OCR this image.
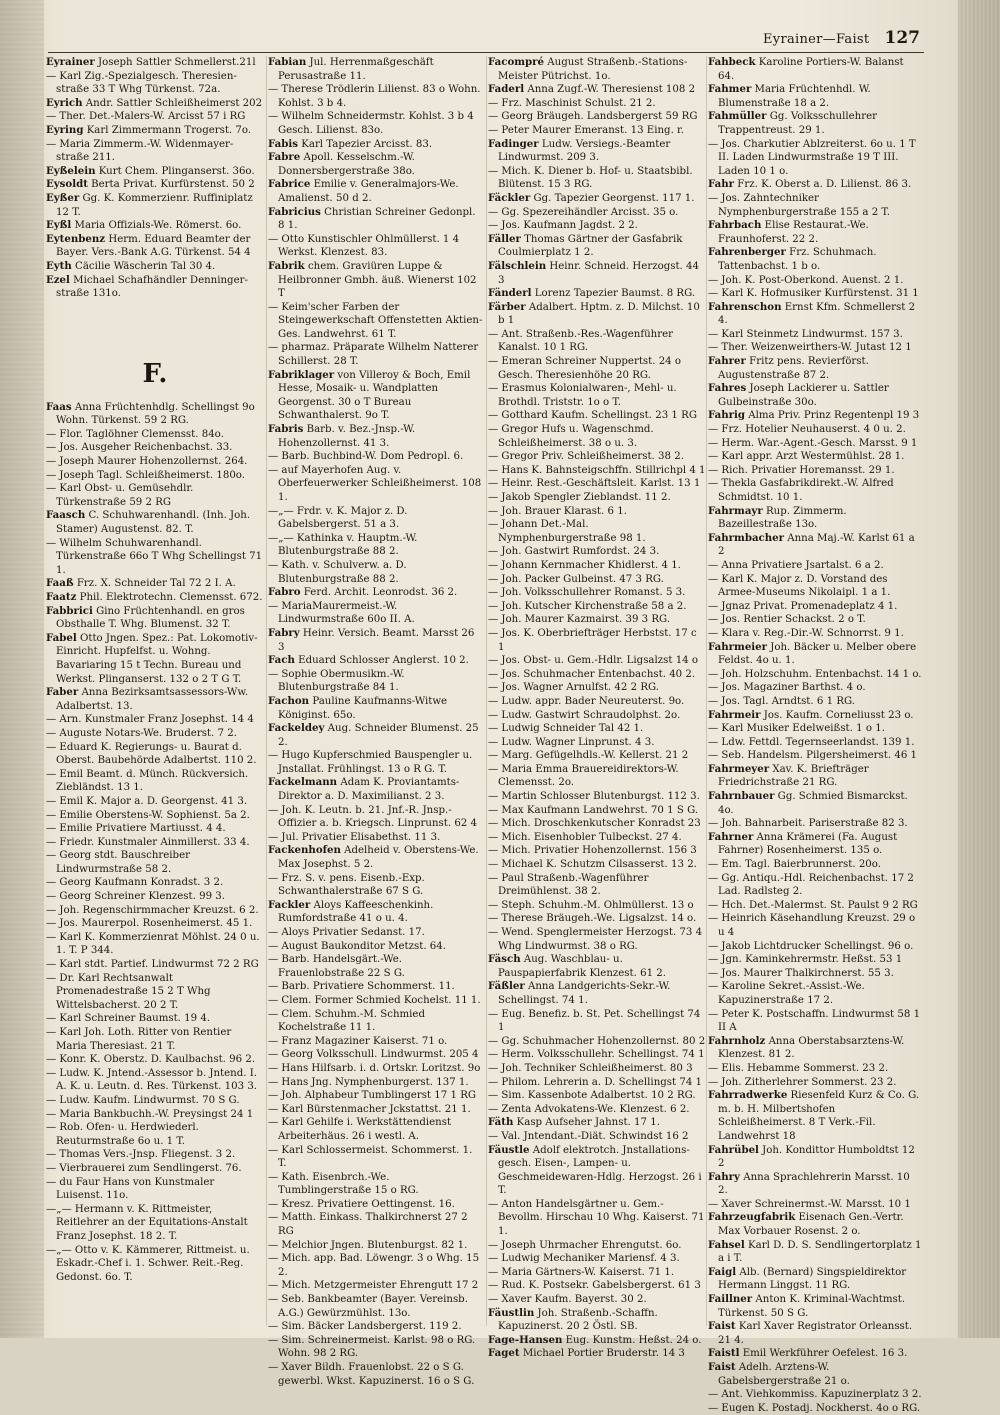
Eyrainer—Faist 127
Eyrainer Joseph Sattler Schmellerst.21l
— Karl Zig.-Spezialgesch. Theresien-straße 33 T Whg Türkenst. 72a.
Eyrich Andr. Sattler Schleißheimerst 202
— Ther. Det.-Malers-W. Arcisst 57 i RG
Eyring Karl Zimmermann Trogerst. 7o.
— Maria Zimmerm.-W. Widenmayer-straße 211.
Eyßelein Kurt Chem. Plinganserst. 36o.
Eysoldt Berta Privat. Kurfürstenst. 50 2
Eyßer Gg. K. Kommerzienr. Ruffiniplatz 12 T.
Eyßl Maria Offizials-We. Römerst. 6o.
Eytenbenz Herm. Eduard Beamter der Bayer. Vers.-Bank A.G. Türkenst. 54 4
Eyth Cäcilie Wäscherin Tal 30 4.
Ezel Michael Schafhändler Denninger-straße 131o.
F.
Faas Anna Früchtenhdlg. Schellingst 9o Wohn. Türkenst. 59 2 RG.
— Flor. Taglöhner Clemensst. 84o.
— Jos. Ausgeher Reichenbachst. 33.
— Joseph Maurer Hohenzollernst. 264.
— Joseph Tagl. Schleißheimerst. 180o.
— Karl Obst- u. Gemüsehdlr. Türkenstraße 59 2 RG
Faasch C. Schuhwarenhandl. (Inh. Joh. Stamer) Augustenst. 82. T.
— Wilhelm Schuhwarenhandl. Türkenstraße 66o T Whg Schellingst 71 1.
Faaß Frz. X. Schneider Tal 72 2 I. A.
Faatz Phil. Elektrotechn. Clemensst. 672.
Fabbrici Gino Früchtenhandl. en gros Obsthalle T. Whg. Blumenst. 32 T.
Fabel Otto Jngen. Spez.: Pat. Lokomotiv-Einricht. Hupfelfst. u. Wohng. Bavariaring 15 t Techn. Bureau und Werkst. Plinganserst. 132 o 2 T G T.
Faber Anna Bezirksamtsassessors-Ww. Adalbertst. 13.
— Arn. Kunstmaler Franz Josephst. 14 4
— Auguste Notars-We. Bruderst. 7 2.
— Eduard K. Regierungs- u. Baurat d. Oberst. Baubehörde Adalbertst. 110 2.
— Emil Beamt. d. Münch. Rückversich. Ziebländst. 13 1.
— Emil K. Major a. D. Georgenst. 41 3.
— Emilie Oberstens-W. Sophienst. 5a 2.
— Emilie Privatiere Martiusst. 4 4.
— Friedr. Kunstmaler Ainmillerst. 33 4.
— Georg stdt. Bauschreiber Lindwurmstraße 58 2.
— Georg Kaufmann Konradst. 3 2.
— Georg Schreiner Klenzest. 99 3.
— Joh. Regenschirmmacher Kreuzst. 6 2.
— Jos. Maurerpol. Rosenheimerst. 45 1.
— Karl K. Kommerzienrat Möhlst. 24 0 u. 1. T. P 344.
— Karl stdt. Partief. Lindwurmst 72 2 RG
— Dr. Karl Rechtsanwalt Promenadestraße 15 2 T Whg Wittelsbacherst. 20 2 T.
— Karl Schreiner Baumst. 19 4.
— Karl Joh. Loth. Ritter von Rentier Maria Theresiast. 21 T.
— Konr. K. Oberstz. D. Kaulbachst. 96 2.
— Ludw. K. Jntend.-Assessor b. Jntend. I. A. K. u. Leutn. d. Res. Türkenst. 103 3.
— Ludw. Kaufm. Lindwurmst. 70 S G.
— Maria Bankbuchh.-W. Preysingst 24 1
— Rob. Ofen- u. Herdwiederl. Reuturmstraße 6o u. 1 T.
— Thomas Vers.-Jnsp. Fliegenst. 3 2.
— Vierbrauerei zum Sendlingerst. 76.
— du Faur Hans von Kunstmaler Luisenst. 11o.
—„— Hermann v. K. Rittmeister, Reitlehrer an der Equitations-Anstalt Franz Josephst. 18 2. T.
—„— Otto v. K. Kämmerer, Rittmeist. u. Eskadr.-Chef i. 1. Schwer. Reit.-Reg. Gedonst. 6o. T.
Fabian Jul. Herrenmaßgeschäft Perusastraße 11.
— Therese Trödlerin Lilienst. 83 o Wohn. Kohlst. 3 b 4.
— Wilhelm Schneidermstr. Kohlst. 3 b 4 Gesch. Lilienst. 83o.
Fabis Karl Tapezier Arcisst. 83.
Fabre Apoll. Kesselschm.-W. Donnersbergerstraße 38o.
Fabrice Emilie v. Generalmajors-We. Amalienst. 50 d 2.
Fabricius Christian Schreiner Gedonpl. 8 1.
— Otto Kunstischler Ohlmüllerst. 1 4 Werkst. Klenzest. 83.
Fabrik chem. Graviüren Luppe & Heilbronner Gmbh. äuß. Wienerst 102 T
— Keim'scher Farben der Steingewerkschaft Offenstetten Aktien-Ges. Landwehrst. 61 T.
— pharmaz. Präparate Wilhelm Natterer Schillerst. 28 T.
Fabriklager von Villeroy & Boch, Emil Hesse, Mosaik- u. Wandplatten Georgenst. 30 o T Bureau Schwanthalerst. 9o T.
Fabris Barb. v. Bez.-Jnsp.-W. Hohenzollernst. 41 3.
— Barb. Buchbind-W. Dom Pedropl. 6.
— auf Mayerhofen Aug. v. Oberfeuerwerker Schleißheimerst. 108 1.
—„— Frdr. v. K. Major z. D. Gabelsbergerst. 51 a 3.
—„— Kathinka v. Hauptm.-W. Blutenburgstraße 88 2.
— Kath. v. Schulverw. a. D. Blutenburgstraße 88 2.
Fabro Ferd. Archit. Leonrodst. 36 2.
— MariaMaurermeist.-W. Lindwurmstraße 60o II. A.
Fabry Heinr. Versich. Beamt. Marsst 26 3
Fach Eduard Schlosser Anglerst. 10 2.
— Sophie Obermusikm.-W. Blutenburgstraße 84 1.
Fachon Pauline Kaufmanns-Witwe Königinst. 65o.
Fackeldey Aug. Schneider Blumenst. 25 2.
— Hugo Kupferschmied Bauspengler u. Jnstallat. Frühlingst. 13 o R G. T.
Fackelmann Adam K. Proviantamts-Direktor a. D. Maximilianst. 2 3.
— Joh. K. Leutn. b. 21. Jnf.-R. Jnsp.-Offizier a. b. Kriegsch. Linprunst. 62 4
— Jul. Privatier Elisabethst. 11 3.
Fackenhofen Adelheid v. Oberstens-We. Max Josephst. 5 2.
— Frz. S. v. pens. Eisenb.-Exp. Schwanthalerstraße 67 S G.
Fackler Aloys Kaffeeschenkinh. Rumfordstraße 41 o u. 4.
— Aloys Privatier Sedanst. 17.
— August Baukonditor Metzst. 64.
— Barb. Handelsgärt.-We. Frauenlobstraße 22 S G.
— Barb. Privatiere Schommerst. 11.
— Clem. Former Schmied Kochelst. 11 1.
— Clem. Schuhm.-M. Schmied Kochelstraße 11 1.
— Franz Magaziner Kaiserst. 71 o.
— Georg Volksschull. Lindwurmst. 205 4
— Hans Hilfsarb. i. d. Ortskr. Loritzst. 9o
— Hans Jng. Nymphenburgerst. 137 1.
— Joh. Alphabeur Tumblingerst 17 1 RG
— Karl Bürstenmacher Jckstattst. 21 1.
— Karl Gehilfe i. Werkstättendienst Arbeiterhäus. 26 i westl. A.
— Karl Schlossermeist. Schommerst. 1. T.
— Kath. Eisenbrch.-We. Tumblingerstraße 15 o RG.
— Kresz. Privatiere Oettingenst. 16.
— Matth. Einkass. Thalkirchnerst 27 2 RG
— Melchior Jngen. Blutenburgst. 82 1.
— Mich. app. Bad. Löwengr. 3 o Whg. 15 2.
— Mich. Metzgermeister Ehrengutt 17 2
— Seb. Bankbeamter (Bayer. Vereinsb. A.G.) Gewürzmühlst. 13o.
— Sim. Bäcker Landsbergerst. 119 2.
— Sim. Schreinermeist. Karlst. 98 o RG. Wohn. 98 2 RG.
— Xaver Bildh. Frauenlobst. 22 o S G. gewerbl. Wkst. Kapuzinerst. 16 o S G.
Facompré August Straßenb.-Stations-Meister Pütrichst. 1o.
Faderl Anna Zugf.-W. Theresienst 108 2
— Frz. Maschinist Schulst. 21 2.
— Georg Bräugeh. Landsbergerst 59 RG
— Peter Maurer Emeranst. 13 Eing. r.
Fadinger Ludw. Versiegs.-Beamter Lindwurmst. 209 3.
— Mich. K. Diener b. Hof- u. Staatsbibl. Blütenst. 15 3 RG.
Fäckler Gg. Tapezier Georgenst. 117 1.
— Gg. Spezereihändler Arcisst. 35 o.
— Jos. Kaufmann Jagdst. 2 2.
Fäller Thomas Gärtner der Gasfabrik Coulmierplatz 1 2.
Fälschlein Heinr. Schneid. Herzogst. 44 3
Fänderl Lorenz Tapezier Baumst. 8 RG.
Färber Adalbert. Hptm. z. D. Milchst. 10 b 1
— Ant. Straßenb.-Res.-Wagenführer Kanalst. 10 1 RG.
— Emeran Schreiner Nuppertst. 24 o Gesch. Theresienhöhe 20 RG.
— Erasmus Kolonialwaren-, Mehl- u. Brothdl. Triststr. 1o o T.
— Gotthard Kaufm. Schellingst. 23 1 RG
— Gregor Hufs u. Wagenschmd. Schleißheimerst. 38 o u. 3.
— Gregor Priv. Schleißheimerst. 38 2.
— Hans K. Bahnsteigschffn. Stillrichpl 4 1
— Heinr. Rest.-Geschäftsleit. Karlst. 13 1
— Jakob Spengler Zieblandst. 11 2.
— Joh. Brauer Klarast. 6 1.
— Johann Det.-Mal. Nymphenburgerstraße 98 1.
— Joh. Gastwirt Rumfordst. 24 3.
— Johann Kernmacher Khidlerst. 4 1.
— Joh. Packer Gulbeinst. 47 3 RG.
— Joh. Volksschullehrer Romanst. 5 3.
— Joh. Kutscher Kirchenstraße 58 a 2.
— Joh. Maurer Kazmairst. 39 3 RG.
— Jos. K. Oberbriefträger Herbstst. 17 c 1
— Jos. Obst- u. Gem.-Hdlr. Ligsalzst 14 o
— Jos. Schuhmacher Entenbachst. 40 2.
— Jos. Wagner Arnulfst. 42 2 RG.
— Ludw. appr. Bader Neureuterst. 9o.
— Ludw. Gastwirt Schraudolphst. 2o.
— Ludwig Schneider Tal 42 1.
— Ludw. Wagner Linprunst. 4 3.
— Marg. Gefügelhdls.-W. Kellerst. 21 2
— Maria Emma Brauereidirektors-W. Clemensst. 2o.
— Martin Schlosser Blutenburgst. 112 3.
— Max Kaufmann Landwehrst. 70 1 S G.
— Mich. Droschkenkutscher Konradst 23
— Mich. Eisenhobler Tulbeckst. 27 4.
— Mich. Privatier Hohenzollernst. 156 3
— Michael K. Schutzm Cilsasserst. 13 2.
— Paul Straßenb.-Wagenführer Dreimühlenst. 38 2.
— Steph. Schuhm.-M. Ohlmüllerst. 13 o
— Therese Bräugeh.-We. Ligsalzst. 14 o.
— Wend. Spenglermeister Herzogst. 73 4 Whg Lindwurmst. 38 o RG.
Fäsch Aug. Waschblau- u. Pauspapierfabrik Klenzest. 61 2.
Fäßler Anna Landgerichts-Sekr.-W. Schellingst. 74 1.
— Eug. Benefiz. b. St. Pet. Schellingst 74 1
— Gg. Schuhmacher Hohenzollernst. 80 2
— Herm. Volksschullehr. Schellingst. 74 1
— Joh. Techniker Schleißheimerst. 80 3
— Philom. Lehrerin a. D. Schellingst 74 1
— Sim. Kassenbote Adalbertst. 10 2 RG.
— Zenta Advokatens-We. Klenzest. 6 2.
Fäth Kasp Aufseher Jahnst. 17 1.
— Val. Jntendant.-Diät. Schwindst 16 2
Fäustle Adolf elektrotch. Jnstallations-gesch. Eisen-, Lampen- u. Geschmeidewaren-Hdlg. Herzogst. 26 i T.
— Anton Handelsgärtner u. Gem.-Bevollm. Hirschau 10 Whg. Kaiserst. 71 1.
— Joseph Uhrmacher Ehrengutst. 6o.
— Ludwig Mechaniker Mariensf. 4 3.
— Maria Gärtners-W. Kaiserst. 71 1.
— Rud. K. Postsekr. Gabelsbergerst. 61 3
— Xaver Kaufm. Bayerst. 30 2.
Fäustlin Joh. Straßenb.-Schaffn. Kapuzinerst. 20 2 Östl. SB.
Fage-Hansen Eug. Kunstm. Heßst. 24 o.
Faget Michael Portier Bruderstr. 14 3
Fahbeck Karoline Portiers-W. Balanst 64.
Fahmer Maria Früchtenhdl. W. Blumenstraße 18 a 2.
Fahmüller Gg. Volksschullehrer Trappentreust. 29 1.
— Jos. Charkutier Ablzreiterst. 6o u. 1 T II. Laden Lindwurmstraße 19 T III. Laden 10 1 o.
Fahr Frz. K. Oberst a. D. Lilienst. 86 3.
— Jos. Zahntechniker Nymphenburgerstraße 155 a 2 T.
Fahrbach Elise Restaurat.-We. Fraunhoferst. 22 2.
Fahrenberger Frz. Schuhmach. Tattenbachst. 1 b o.
— Joh. K. Post-Oberkond. Auenst. 2 1.
— Karl K. Hofmusiker Kurfürstenst. 31 1
Fahrenschon Ernst Kfm. Schmellerst 2 4.
— Karl Steinmetz Lindwurmst. 157 3.
— Ther. Weizenweirthers-W. Jutast 12 1
Fahrer Fritz pens. Revierförst. Augustenstraße 87 2.
Fahres Joseph Lackierer u. Sattler Gulbeinstraße 30o.
Fahrig Alma Priv. Prinz Regentenpl 19 3
— Frz. Hotelier Neuhauserst. 4 0 u. 2.
— Herm. War.-Agent.-Gesch. Marsst. 9 1
— Karl appr. Arzt Westermühlst. 28 1.
— Rich. Privatier Horemansst. 29 1.
— Thekla Gasfabrikdirekt.-W. Alfred Schmidtst. 10 1.
Fahrmayr Rup. Zimmerm. Bazeillestraße 13o.
Fahrmbacher Anna Maj.-W. Karlst 61 a 2
— Anna Privatiere Jsartalst. 6 a 2.
— Karl K. Major z. D. Vorstand des Armee-Museums Nikolaipl. 1 a 1.
— Jgnaz Privat. Promenadeplatz 4 1.
— Jos. Rentier Schackst. 2 o T.
— Klara v. Reg.-Dir.-W. Schnorrst. 9 1.
Fahrmeier Joh. Bäcker u. Melber obere Feldst. 4o u. 1.
— Joh. Holzschuhm. Entenbachst. 14 1 o.
— Jos. Magaziner Barthst. 4 o.
— Jos. Tagl. Arndtst. 6 1 RG.
Fahrmeir Jos. Kaufm. Corneliusst 23 o.
— Karl Musiker Edelweißst. 1 o 1.
— Ldw. Fettdl. Tegernseerlandst. 139 1.
— Seb. Handelsm. Pilgersheimerst. 46 1
Fahrmeyer Xav. K. Briefträger Friedrichstraße 21 RG.
Fahrnbauer Gg. Schmied Bismarckst. 4o.
— Joh. Bahnarbeit. Pariserstraße 82 3.
Fahrner Anna Krämerei (Fa. August Fahrner) Rosenheimerst. 135 o.
— Em. Tagl. Baierbrunnerst. 20o.
— Gg. Antiqu.-Hdl. Reichenbachst. 17 2 Lad. Radlsteg 2.
— Hch. Det.-Malermst. St. Paulst 9 2 RG
— Heinrich Käsehandlung Kreuzst. 29 o u 4
— Jakob Lichtdrucker Schellingst. 96 o.
— Jgn. Kaminkehrermstr. Heßst. 53 1
— Jos. Maurer Thalkirchnerst. 55 3.
— Karoline Sekret.-Assist.-We. Kapuzinerstraße 17 2.
— Peter K. Postschaffn. Lindwurmst 58 1 II A
Fahrnholz Anna Oberstabsarztens-W. Klenzest. 81 2.
— Elis. Hebamme Sommerst. 23 2.
— Joh. Zitherlehrer Sommerst. 23 2.
Fahrradwerke Riesenfeld Kurz & Co. G. m. b. H. Milbertshofen Schleißheimerst. 8 T Verk.-Fil. Landwehrst 18
Fahrübel Joh. Kondittor Humboldtst 12 2
Fahry Anna Sprachlehrerin Marsst. 10 2.
— Xaver Schreinermst.-W. Marsst. 10 1
Fahrzeugfabrik Eisenach Gen.-Vertr. Max Vorbauer Rosenst. 2 o.
Fahsel Karl D. D. S. Sendlingertorplatz 1 a i T.
Faigl Alb. (Bernard) Singspieldirektor Hermann Linggst. 11 RG.
Faillner Anton K. Kriminal-Wachtmst. Türkenst. 50 S G.
Faist Karl Xaver Registrator Orleansst. 21 4.
Faistl Emil Werkführer Oefelest. 16 3.
Faist Adelh. Arztens-W. Gabelsbergerstraße 21 o.
— Ant. Viehkommiss. Kapuzinerplatz 3 2.
— Eugen K. Postadj. Nockherst. 4o o RG.
